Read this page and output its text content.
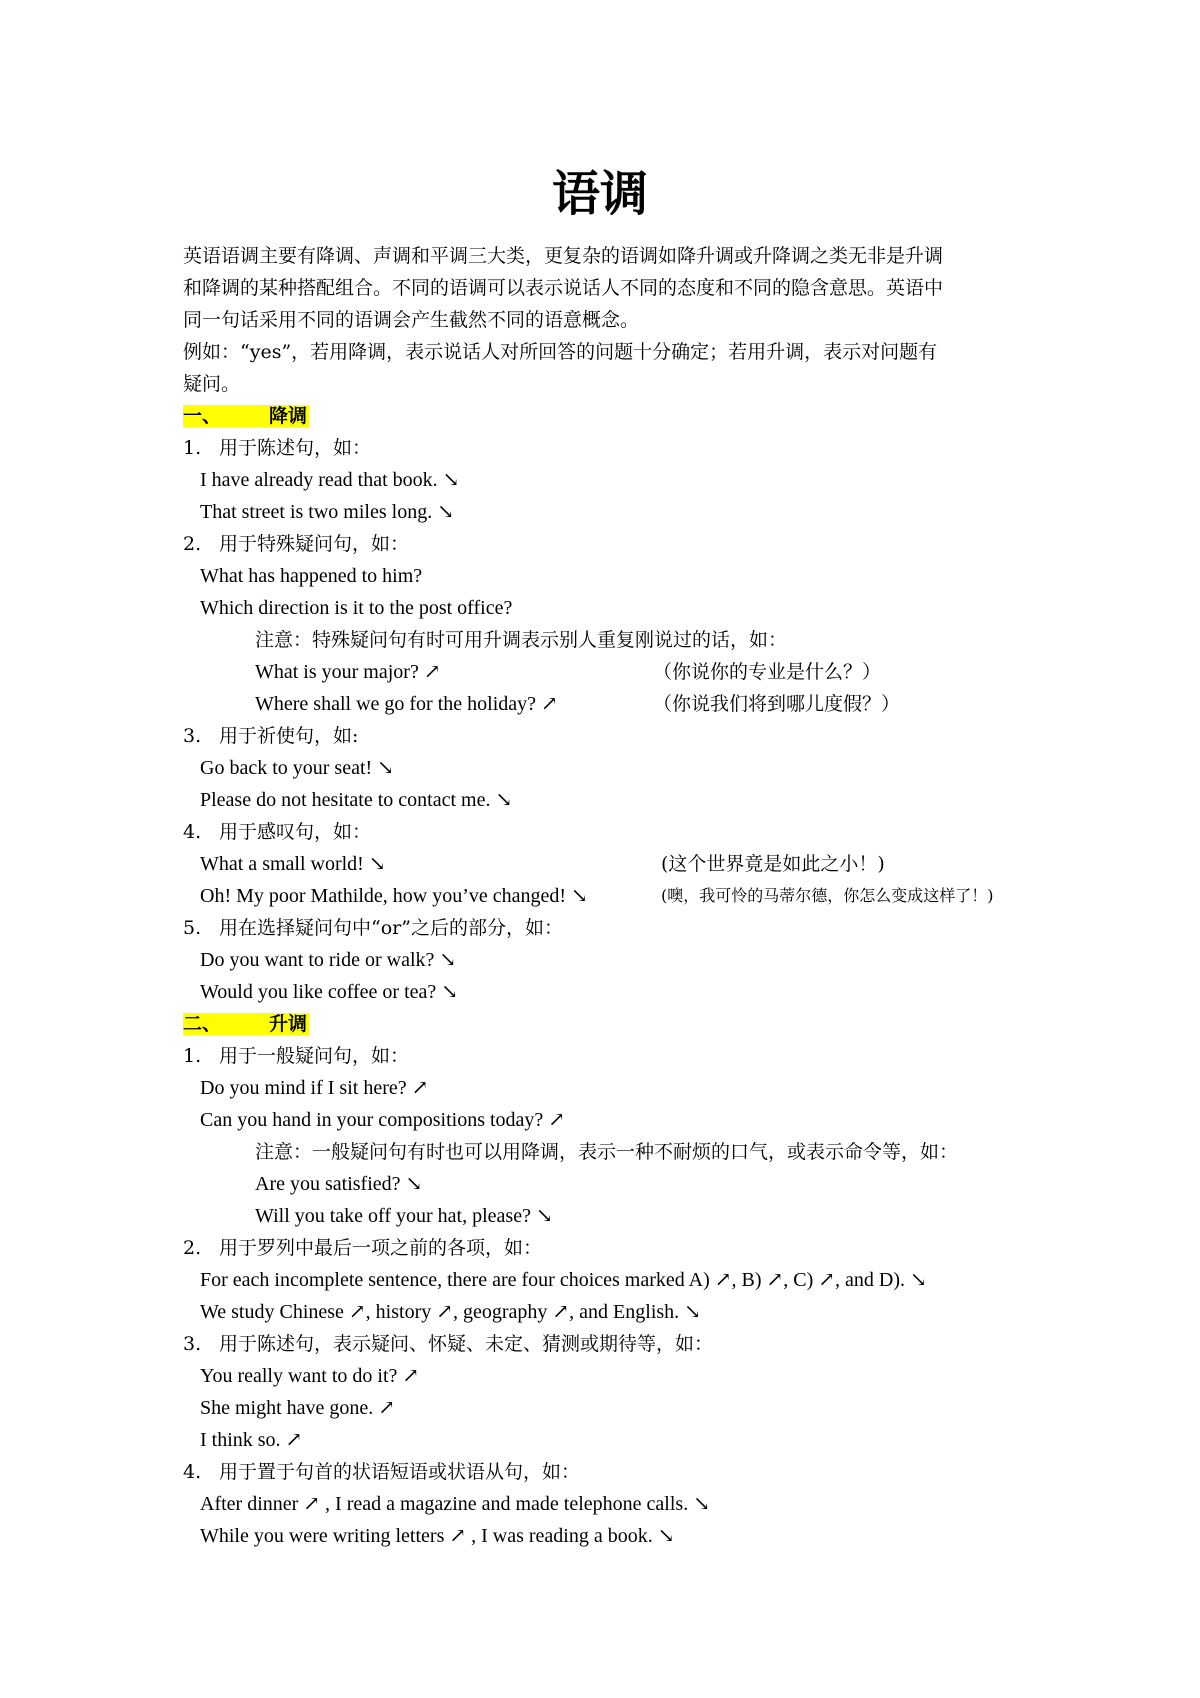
语调

英语语调主要有降调、声调和平调三大类，更复杂的语调如降升调或升降调之类无非是升调

和降调的某种搭配组合。不同的语调可以表示说话人不同的态度和不同的隐含意思。英语中

同一句话采用不同的语调会产生截然不同的语意概念。

例如：“yes”，若用降调，表示说话人对所回答的问题十分确定；若用升调，表示对问题有

疑问。

一、	降调

1. 用于陈述句，如：

I have already read that book. ↘

That street is two miles long. ↘

2. 用于特殊疑问句，如：

What has happened to him?

Which direction is it to the post office?

注意：特殊疑问句有时可用升调表示别人重复刚说过的话，如：

What is your major? ↗	（你说你的专业是什么？）

Where shall we go for the holiday? ↗	（你说我们将到哪儿度假？）

3. 用于祈使句，如:

Go back to your seat! ↘

Please do not hesitate to contact me. ↘

4. 用于感叹句，如：

What a small world! ↘	(这个世界竟是如此之小！)

Oh! My poor Mathilde, how you’ve changed! ↘	(噢，我可怜的马蒂尔德，你怎么变成这样了！)

5. 用在选择疑问句中“or”之后的部分，如：

Do you want to ride or walk? ↘

Would you like coffee or tea? ↘

二、	升调

1. 用于一般疑问句，如：

Do you mind if I sit here? ↗

Can you hand in your compositions today? ↗

注意：一般疑问句有时也可以用降调，表示一种不耐烦的口气，或表示命令等，如：

Are you satisfied? ↘

Will you take off your hat, please? ↘

2. 用于罗列中最后一项之前的各项，如：

For each incomplete sentence, there are four choices marked A) ↗, B) ↗, C) ↗, and D). ↘

We study Chinese ↗, history ↗, geography ↗, and English. ↘

3. 用于陈述句，表示疑问、怀疑、未定、猜测或期待等，如：

You really want to do it? ↗

She might have gone. ↗

I think so. ↗

4. 用于置于句首的状语短语或状语从句，如：

After dinner ↗ , I read a magazine and made telephone calls. ↘

While you were writing letters ↗ , I was reading a book. ↘
